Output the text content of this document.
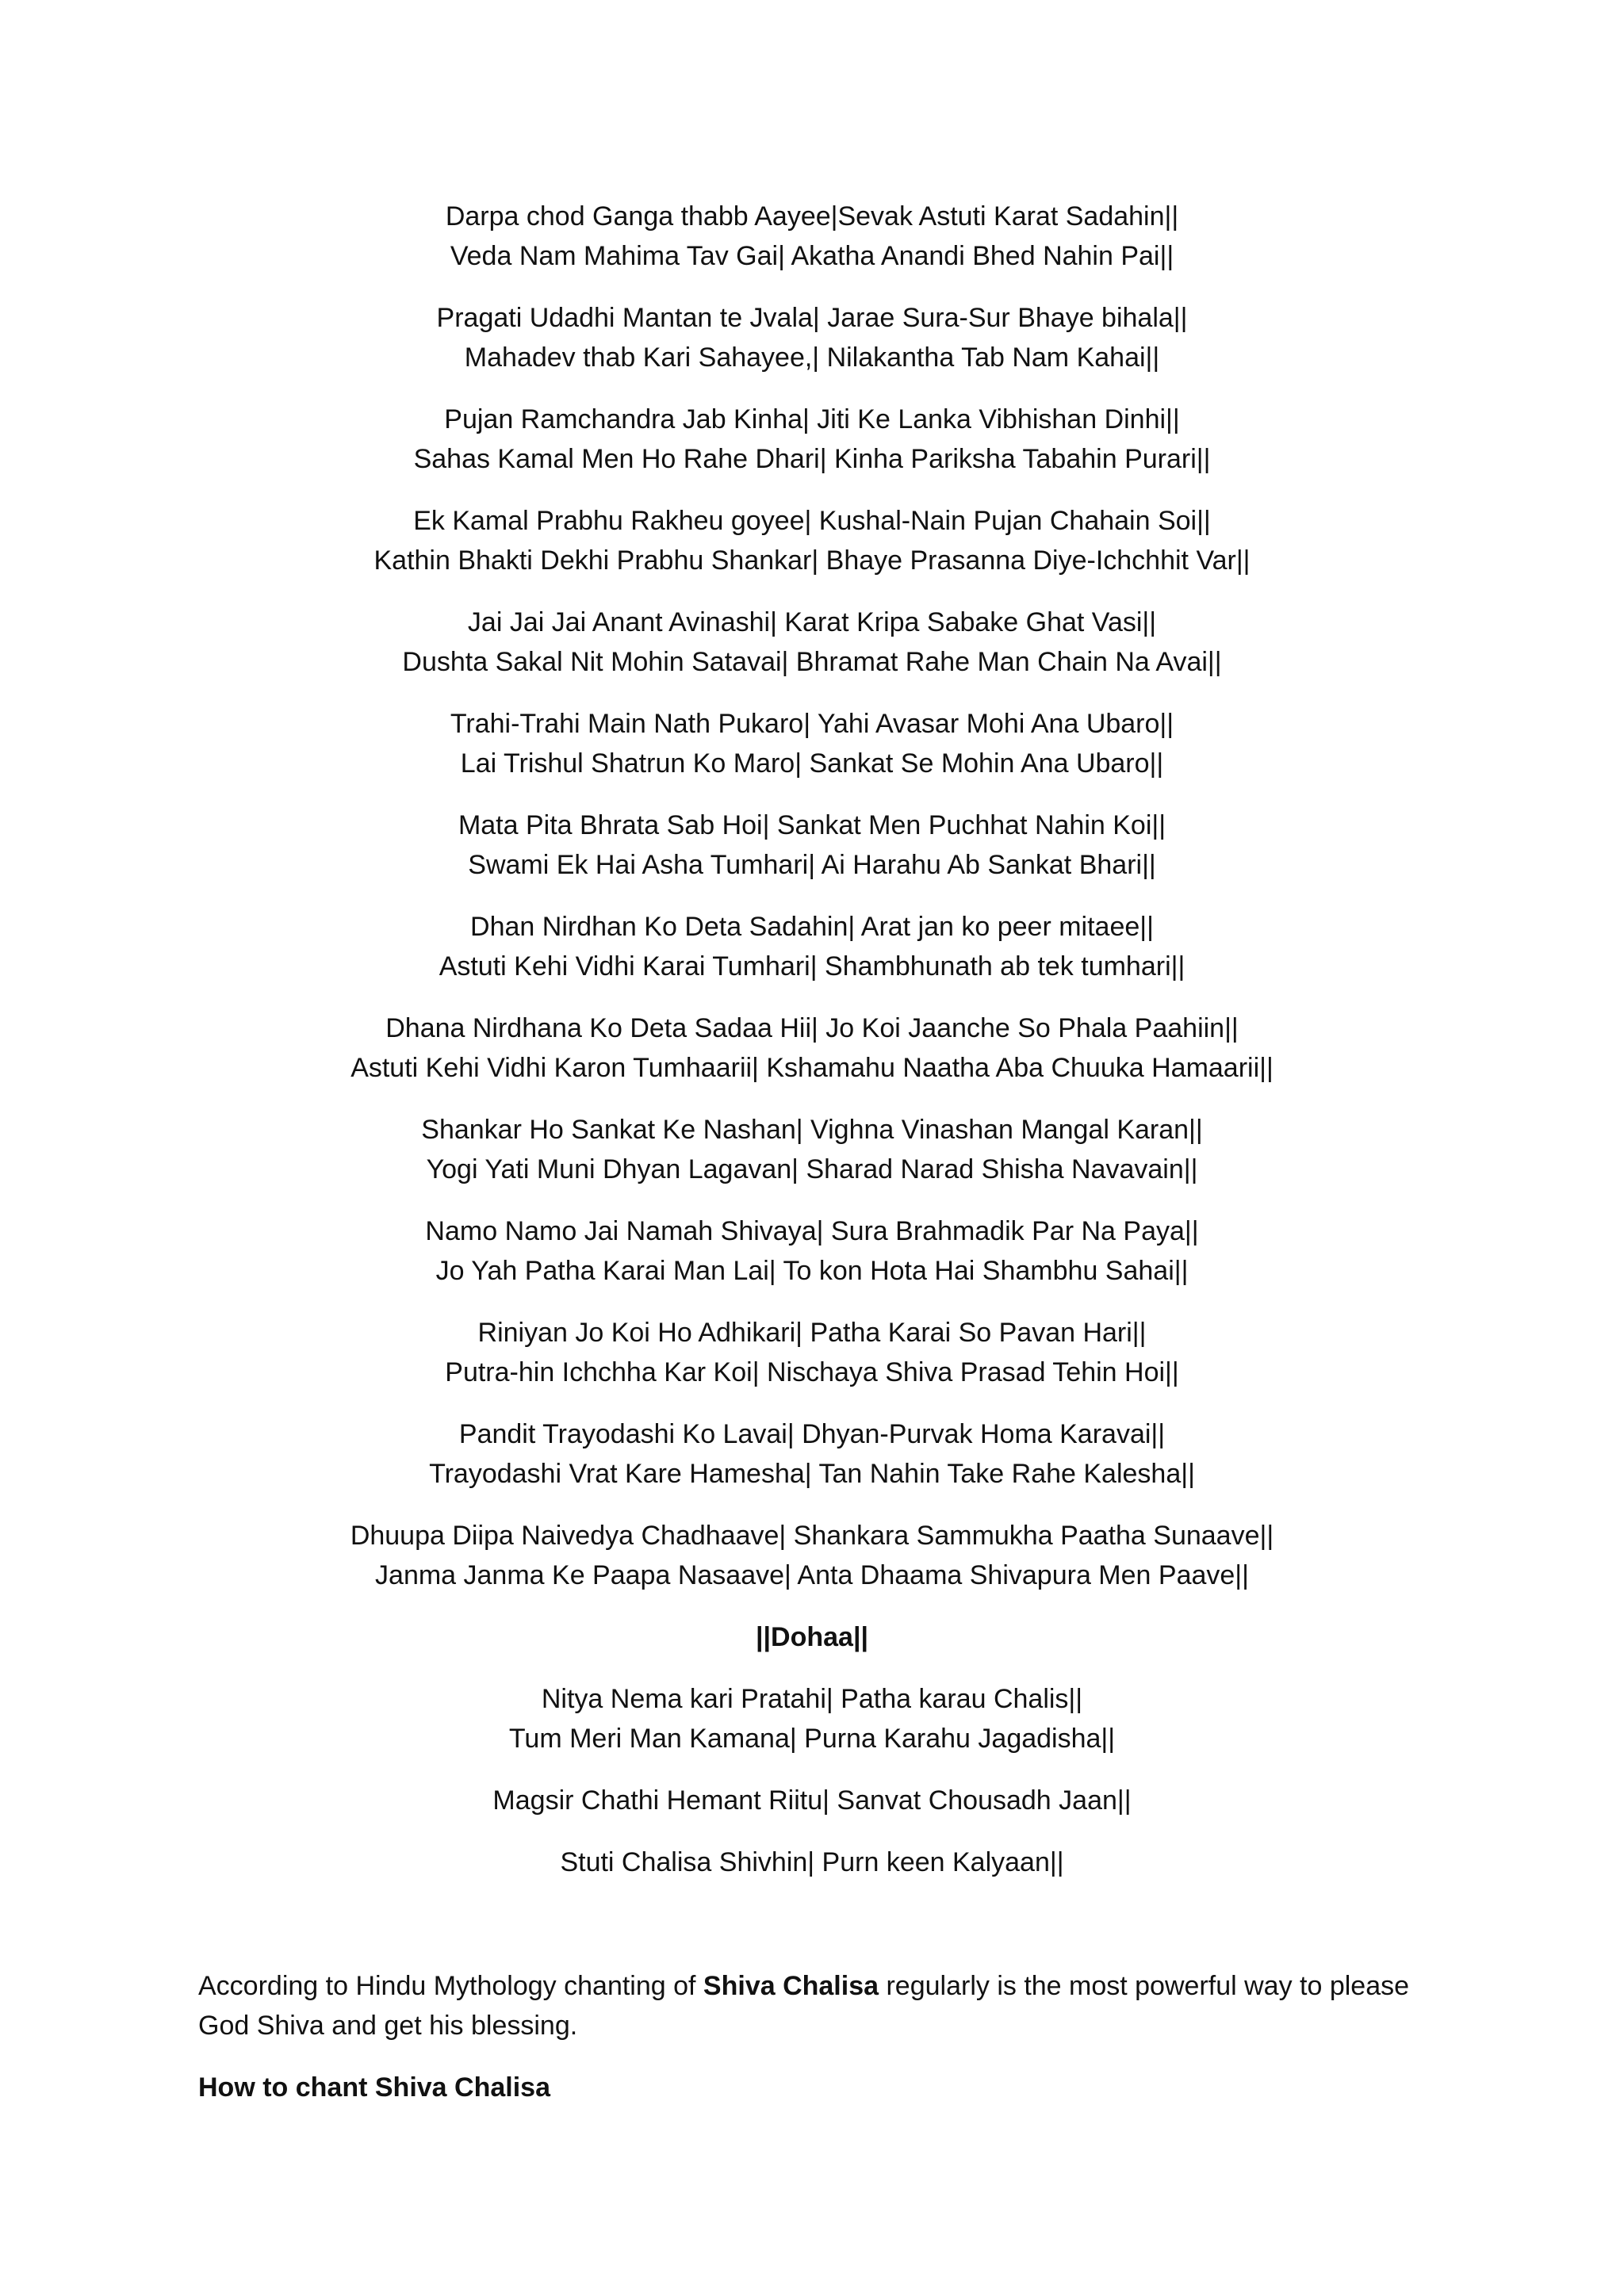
Darpa chod Ganga thabb Aayee|Sevak Astuti Karat Sadahin||
Veda Nam Mahima Tav Gai| Akatha Anandi Bhed Nahin Pai||
Pragati Udadhi Mantan te Jvala| Jarae Sura-Sur Bhaye bihala||
Mahadev thab Kari Sahayee,| Nilakantha Tab Nam Kahai||
Pujan Ramchandra Jab Kinha| Jiti Ke Lanka Vibhishan Dinhi||
Sahas Kamal Men Ho Rahe Dhari| Kinha Pariksha Tabahin Purari||
Ek Kamal Prabhu Rakheu goyee| Kushal-Nain Pujan Chahain Soi||
Kathin Bhakti Dekhi Prabhu Shankar| Bhaye Prasanna Diye-Ichchhit Var||
Jai Jai Jai Anant Avinashi| Karat Kripa Sabake Ghat Vasi||
Dushta Sakal Nit Mohin Satavai| Bhramat Rahe Man Chain Na Avai||
Trahi-Trahi Main Nath Pukaro| Yahi Avasar Mohi Ana Ubaro||
Lai Trishul Shatrun Ko Maro| Sankat Se Mohin Ana Ubaro||
Mata Pita Bhrata Sab Hoi| Sankat Men Puchhat Nahin Koi||
Swami Ek Hai Asha Tumhari| Ai Harahu Ab Sankat Bhari||
Dhan Nirdhan Ko Deta Sadahin| Arat jan ko peer mitaee||
Astuti Kehi Vidhi Karai Tumhari| Shambhunath ab tek tumhari||
Dhana Nirdhana Ko Deta Sadaa Hii| Jo Koi Jaanche So Phala Paahiin||
Astuti Kehi Vidhi Karon Tumhaarii| Kshamahu Naatha Aba Chuuka Hamaarii||
Shankar Ho Sankat Ke Nashan| Vighna Vinashan Mangal Karan||
Yogi Yati Muni Dhyan Lagavan| Sharad Narad Shisha Navavain||
Namo Namo Jai Namah Shivaya| Sura Brahmadik Par Na Paya||
Jo Yah Patha Karai Man Lai| To kon Hota Hai Shambhu Sahai||
Riniyan Jo Koi Ho Adhikari| Patha Karai So Pavan Hari||
Putra-hin Ichchha Kar Koi| Nischaya Shiva Prasad Tehin Hoi||
Pandit Trayodashi Ko Lavai| Dhyan-Purvak Homa Karavai||
Trayodashi Vrat Kare Hamesha| Tan Nahin Take Rahe Kalesha||
Dhuupa Diipa Naivedya Chadhaave| Shankara Sammukha Paatha Sunaave||
Janma Janma Ke Paapa Nasaave| Anta Dhaama Shivapura Men Paave||
||Dohaa||
Nitya Nema kari Pratahi| Patha karau Chalis||
Tum Meri Man Kamana| Purna Karahu Jagadisha||
Magsir Chathi Hemant Riitu| Sanvat Chousadh Jaan||
Stuti Chalisa Shivhin| Purn keen Kalyaan||

According to Hindu Mythology chanting of Shiva Chalisa regularly is the most powerful way to please God Shiva and get his blessing.

How to chant Shiva Chalisa
